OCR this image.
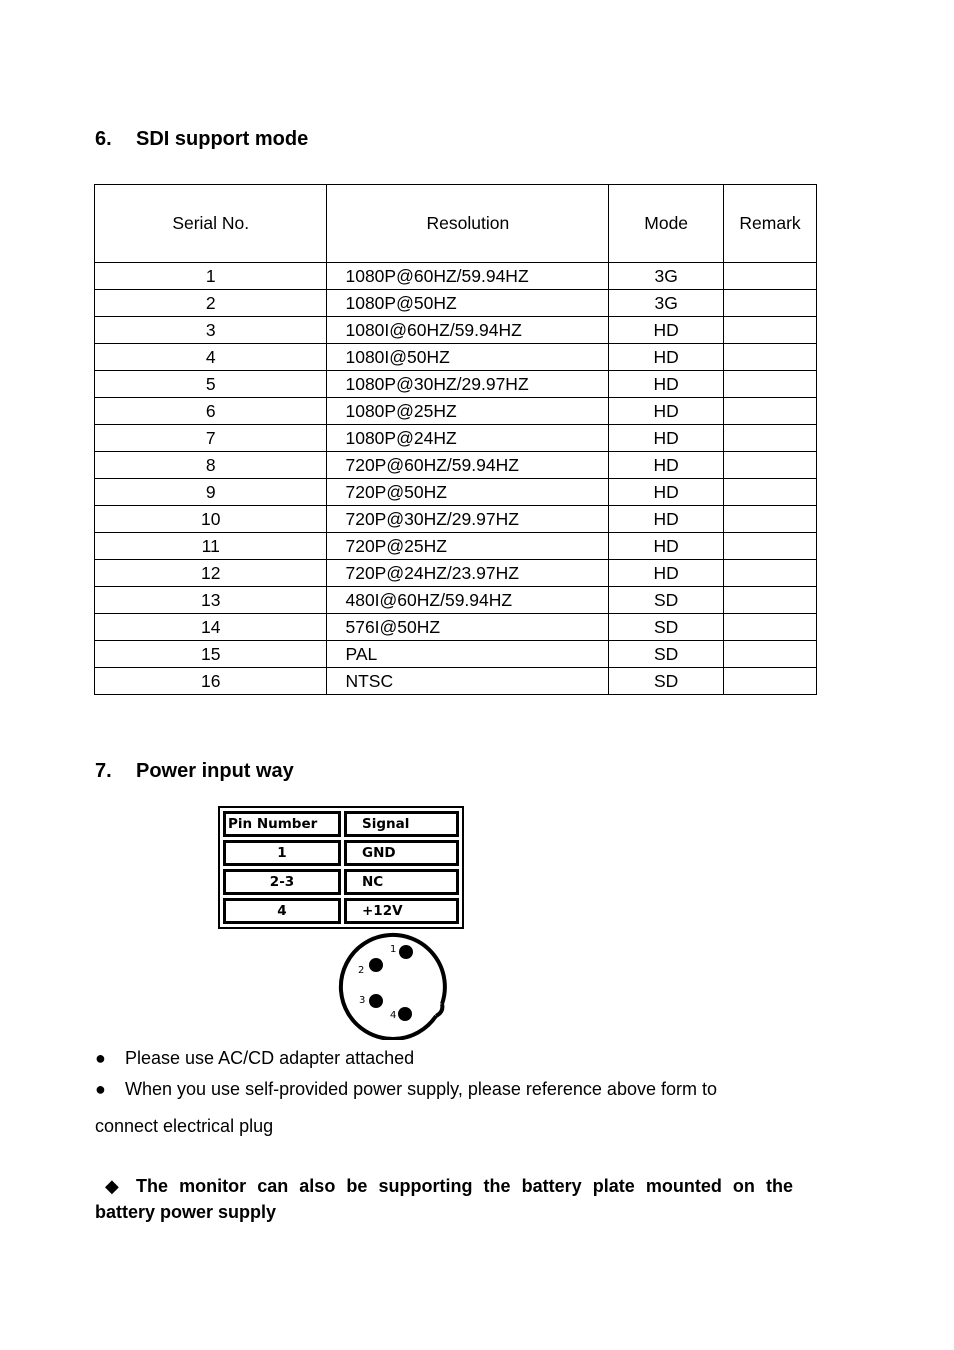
6. SDI support mode
Serial No.	Resolution	Mode	Remark
1	1080P@60HZ/59.94HZ	3G	
2	1080P@50HZ	3G	
3	1080I@60HZ/59.94HZ	HD	
4	1080I@50HZ	HD	
5	1080P@30HZ/29.97HZ	HD	
6	1080P@25HZ	HD	
7	1080P@24HZ	HD	
8	720P@60HZ/59.94HZ	HD	
9	720P@50HZ	HD	
10	720P@30HZ/29.97HZ	HD	
11	720P@25HZ	HD	
12	720P@24HZ/23.97HZ	HD	
13	480I@60HZ/59.94HZ	SD	
14	576I@50HZ	SD	
15	PAL	SD	
16	NTSC	SD	
7. Power input way
Pin Number	Signal
1	GND
2-3	NC
4	+12V
1
2
3
4

● Please use AC/CD adapter attached

● When you use self-provided power supply, please reference above form to

connect electrical plug

◆ The monitor can also be supporting the battery plate mounted on the
battery power supply
